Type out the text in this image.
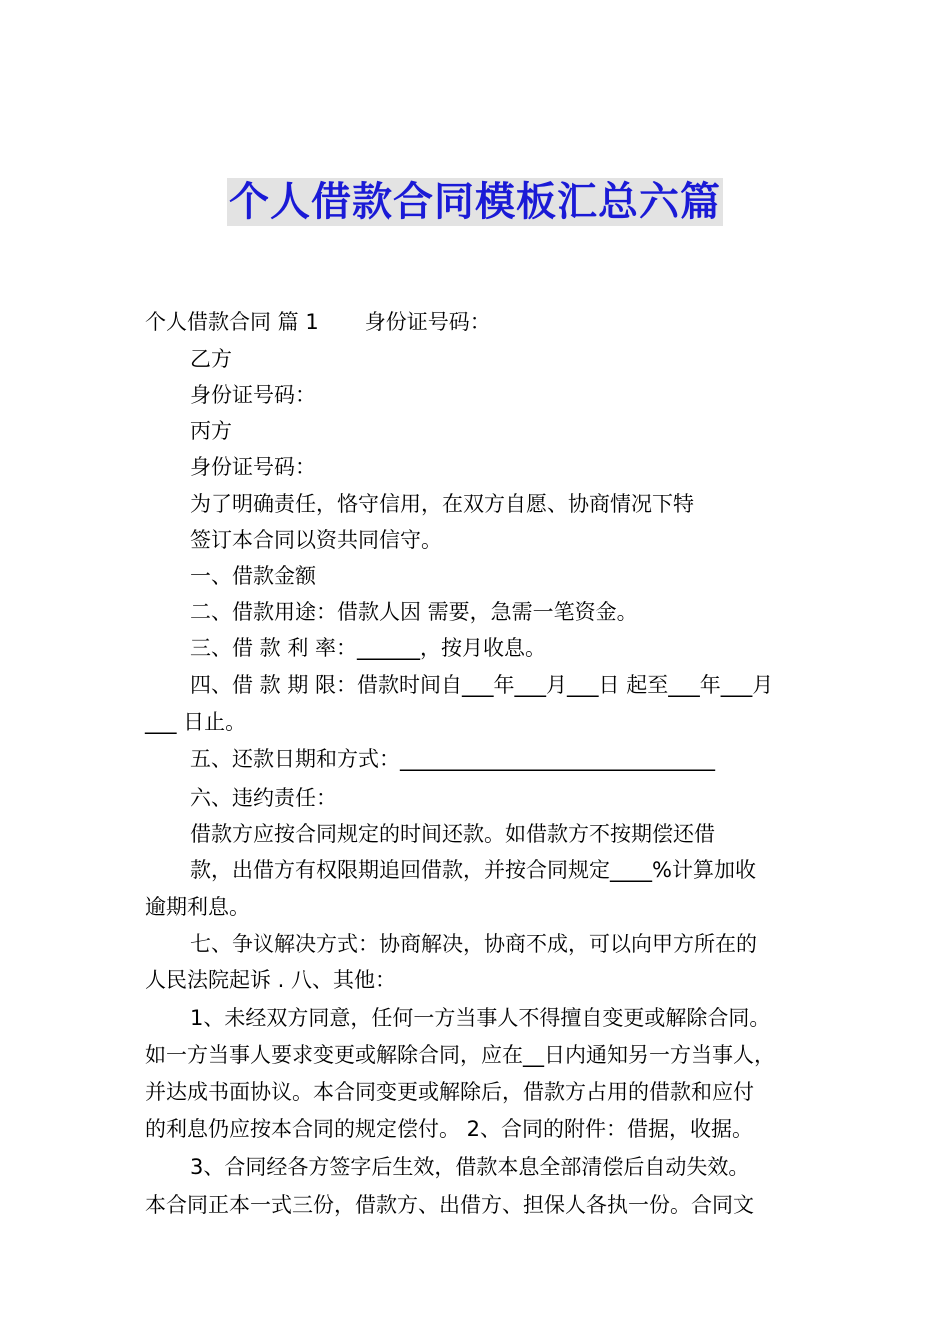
个人借款合同模板汇总六篇
个人借款合同 篇 1 身份证号码：
乙方
身份证号码：
丙方
身份证号码：
为了明确责任，恪守信用，在双方自愿、协商情况下特
签订本合同以资共同信守。
一、借款金额
二、借款用途：借款人因 需要，急需一笔资金。
三、借 款 利 率：______，按月收息。
四、借 款 期 限：借款时间自___年___月___日 起至___年___月
___ 日止。
五、还款日期和方式：______________________________
六、违约责任：
借款方应按合同规定的时间还款。如借款方不按期偿还借
款，出借方有权限期追回借款，并按合同规定____%计算加收
逾期利息。
七、争议解决方式：协商解决，协商不成，可以向甲方所在的
人民法院起诉 . 八、其他：
1、未经双方同意，任何一方当事人不得擅自变更或解除合同。
如一方当事人要求变更或解除合同，应在__日内通知另一方当事人，
并达成书面协议。本合同变更或解除后，借款方占用的借款和应付
的利息仍应按本合同的规定偿付。 2、合同的附件：借据，收据。
3、合同经各方签字后生效，借款本息全部清偿后自动失效。
本合同正本一式三份，借款方、出借方、担保人各执一份。合同文
